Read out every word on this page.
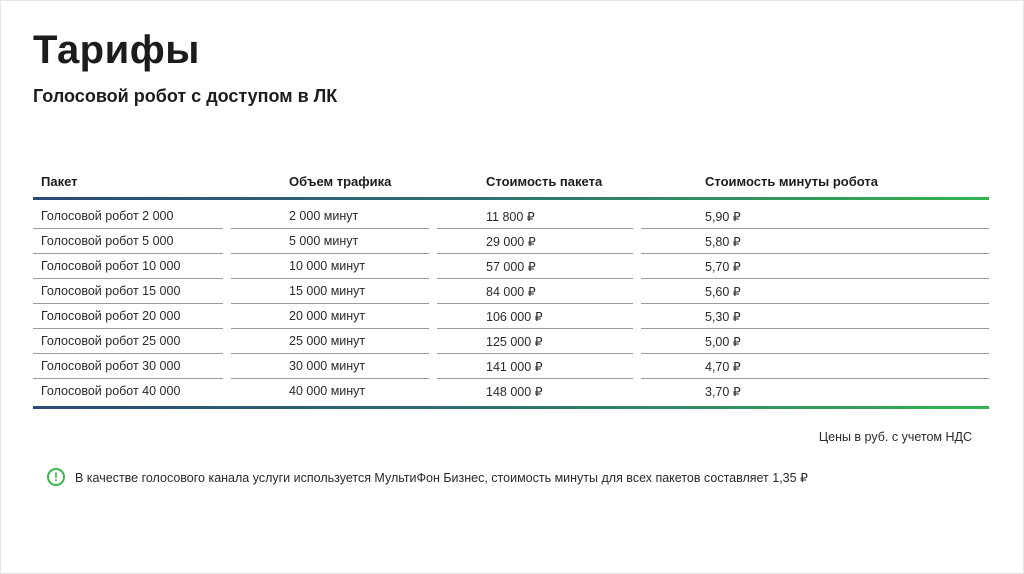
Тарифы
Голосовой робот с доступом в ЛК
Пакет	Объем трафика	Стоимость пакета	Стоимость минуты робота
Голосовой робот 2 000	2 000 минут	11 800 ₽	5,90 ₽
Голосовой робот 5 000	5 000 минут	29 000 ₽	5,80 ₽
Голосовой робот 10 000	10 000 минут	57 000 ₽	5,70 ₽
Голосовой робот 15 000	15 000 минут	84 000 ₽	5,60 ₽
Голосовой робот 20 000	20 000 минут	106 000 ₽	5,30 ₽
Голосовой робот 25 000	25 000 минут	125 000 ₽	5,00 ₽
Голосовой робот 30 000	30 000 минут	141 000 ₽	4,70 ₽
Голосовой робот 40 000	40 000 минут	148 000 ₽	3,70 ₽
Цены в руб. с учетом НДС
!	В качестве голосового канала услуги используется МультиФон Бизнес, стоимость минуты для всех пакетов составляет 1,35 ₽
